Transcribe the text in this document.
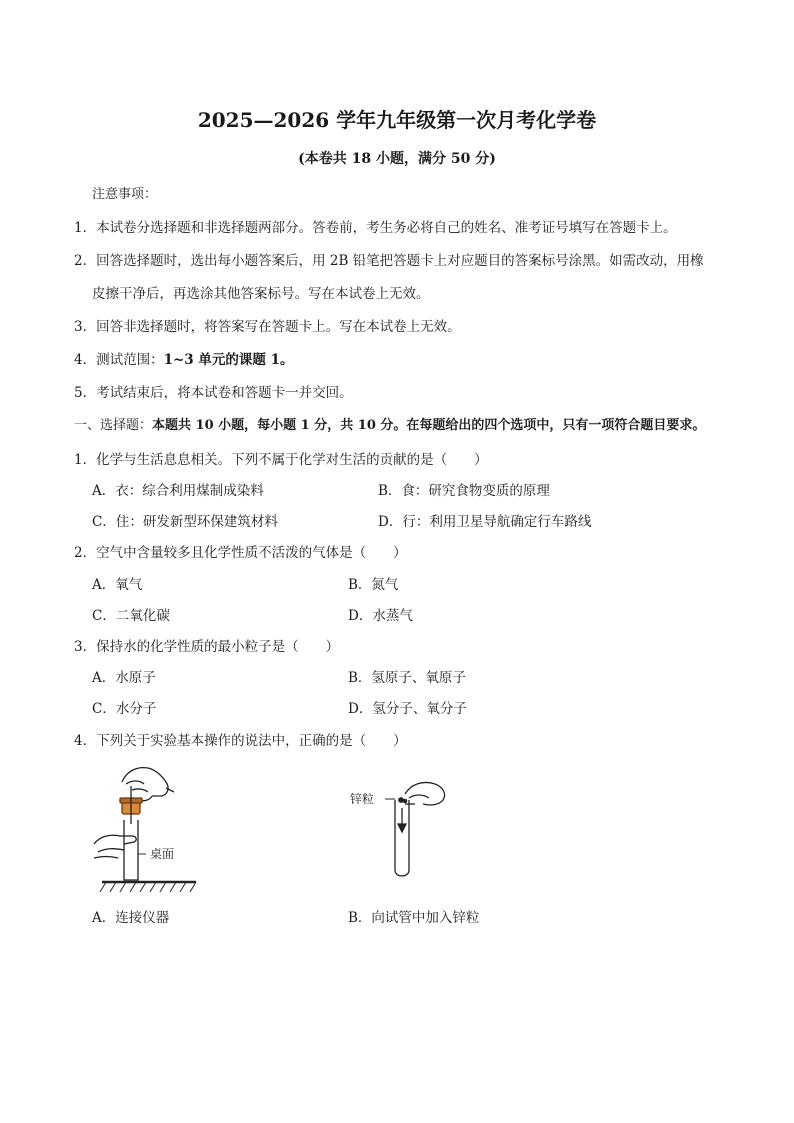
2025—2026 学年九年级第一次月考化学卷
(本卷共 18 小题，满分 50 分)
注意事项：
1．本试卷分选择题和非选择题两部分。答卷前，考生务必将自己的姓名、准考证号填写在答题卡上。
2．回答选择题时，选出每小题答案后，用 2B 铅笔把答题卡上对应题目的答案标号涂黑。如需改动，用橡
皮擦干净后，再选涂其他答案标号。写在本试卷上无效。
3．回答非选择题时，将答案写在答题卡上。写在本试卷上无效。
4．测试范围：1~3 单元的课题 1。
5．考试结束后，将本试卷和答题卡一并交回。
一、选择题：本题共 10 小题，每小题 1 分，共 10 分。在每题给出的四个选项中，只有一项符合题目要求。
1．化学与生活息息相关。下列不属于化学对生活的贡献的是（　　）
A．衣：综合利用煤制成染料	B．食：研究食物变质的原理
C．住：研发新型环保建筑材料	D．行：利用卫星导航确定行车路线
2．空气中含量较多且化学性质不活泼的气体是（　　）
A．氧气	B．氮气
C．二氧化碳	D．水蒸气
3．保持水的化学性质的最小粒子是（　　）
A．水原子	B．氢原子、氧原子
C．水分子	D．氢分子、氧分子
4．下列关于实验基本操作的说法中，正确的是（　　）
桌面
锌粒
A．连接仪器	B．向试管中加入锌粒
